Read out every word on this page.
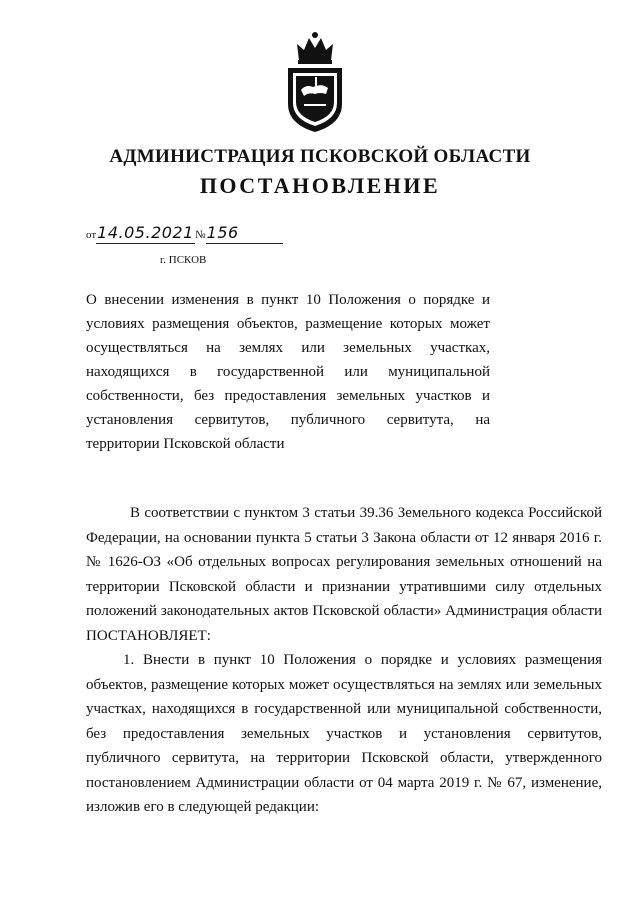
АДМИНИСТРАЦИЯ ПСКОВСКОЙ ОБЛАСТИ
ПОСТАНОВЛЕНИЕ
от14.05.2021№156
г. ПСКОВ
О внесении изменения в пункт 10 Положения о порядке и условиях размещения объектов, размещение которых может осуществляться на землях или земельных участках, находящихся в государственной или муниципальной собственности, без предоставления земельных участков и установления сервитутов, публичного сервитута, на территории Псковской области

В соответствии с пунктом 3 статьи 39.36 Земельного кодекса Российской Федерации, на основании пункта 5 статьи 3 Закона области от 12 января 2016 г. № 1626-ОЗ «Об отдельных вопросах регулирования земельных отношений на территории Псковской области и признании утратившими силу отдельных положений законодательных актов Псковской области» Администрация области ПОСТАНОВЛЯЕТ:

1. Внести в пункт 10 Положения о порядке и условиях размещения объектов, размещение которых может осуществляться на землях или земельных участках, находящихся в государственной или муниципальной собственности, без предоставления земельных участков и установления сервитутов, публичного сервитута, на территории Псковской области, утвержденного постановлением Администрации области от 04 марта 2019 г. № 67, изменение, изложив его в следующей редакции:
